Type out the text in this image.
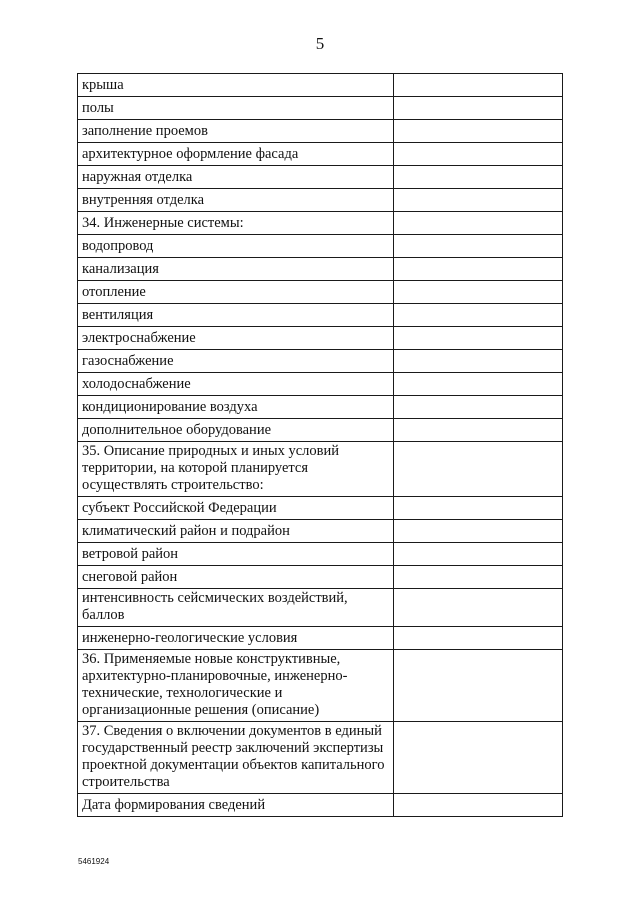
5
крыша	
полы	
заполнение проемов	
архитектурное оформление фасада	
наружная отделка	
внутренняя отделка	
34. Инженерные системы:	
водопровод	
канализация	
отопление	
вентиляция	
электроснабжение	
газоснабжение	
холодоснабжение	
кондиционирование воздуха	
дополнительное оборудование	
35. Описание природных и иных условий территории, на которой планируется осуществлять строительство:	
субъект Российской Федерации	
климатический район и подрайон	
ветровой район	
снеговой район	
интенсивность сейсмических воздействий, баллов	
инженерно-геологические условия	
36. Применяемые новые конструктивные, архитектурно-планировочные, инженерно-технические, технологические и организационные решения (описание)	
37. Сведения о включении документов в единый государственный реестр заключений экспертизы проектной документации объектов капитального строительства	
Дата формирования сведений	
5461924
